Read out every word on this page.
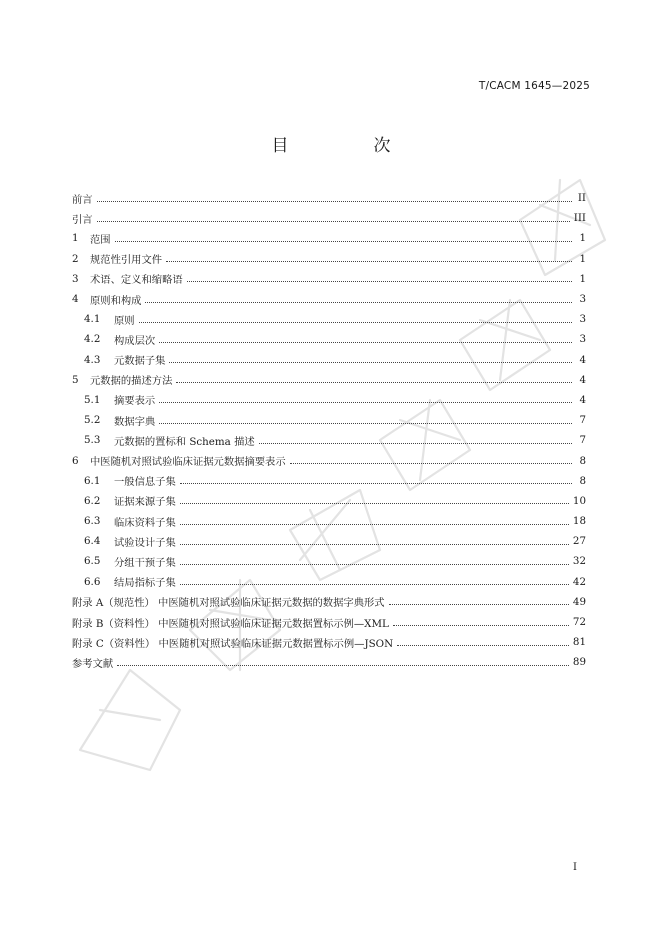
T/CACM 1645—2025
目　次
前言	II
引言	III
1	范围	1
2	规范性引用文件	1
3	术语、定义和缩略语	1
4	原则和构成	3
4.1	原则	3
4.2	构成层次	3
4.3	元数据子集	4
5	元数据的描述方法	4
5.1	摘要表示	4
5.2	数据字典	7
5.3	元数据的置标和 Schema 描述	7
6	中医随机对照试验临床证据元数据摘要表示	8
6.1	一般信息子集	8
6.2	证据来源子集	10
6.3	临床资料子集	18
6.4	试验设计子集	27
6.5	分组干预子集	32
6.6	结局指标子集	42
附录 A（规范性） 中医随机对照试验临床证据元数据的数据字典形式	49
附录 B（资料性） 中医随机对照试验临床证据元数据置标示例—XML	72
附录 C（资料性） 中医随机对照试验临床证据元数据置标示例—JSON	81
参考文献	89
I
